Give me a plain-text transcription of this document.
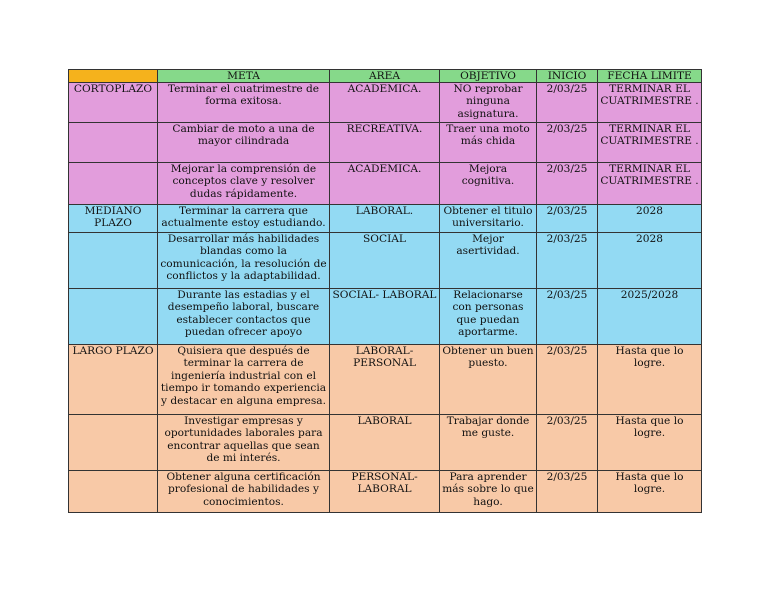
	META	AREA	OBJETIVO	INICIO	FECHA LIMITE
CORTOPLAZO	Terminar el cuatrimestre de forma exitosa.	ACADEMICA.	NO reprobar ninguna asignatura.	2/03/25	TERMINAR EL CUATRIMESTRE .
	Cambiar de moto a una de mayor cilindrada	RECREATIVA.	Traer una moto más chida	2/03/25	TERMINAR EL CUATRIMESTRE .
	Mejorar la comprensión de conceptos clave y resolver dudas rápidamente.	ACADEMICA.	Mejora cognitiva.	2/03/25	TERMINAR EL CUATRIMESTRE .
MEDIANO PLAZO	Terminar la carrera que actualmente estoy estudiando.	LABORAL.	Obtener el titulo universitario.	2/03/25	2028
	Desarrollar más habilidades blandas como la comunicación, la resolución de conflictos y la adaptabilidad.	SOCIAL	Mejor asertividad.	2/03/25	2028
	Durante las estadias y el desempeño laboral, buscare establecer contactos que puedan ofrecer apoyo	SOCIAL- LABORAL	Relacionarse con personas que puedan aportarme.	2/03/25	2025/2028
LARGO PLAZO	Quisiera que después de terminar la carrera de ingeniería industrial con el tiempo ir tomando experiencia y destacar en alguna empresa.	LABORAL- PERSONAL	Obtener un buen puesto.	2/03/25	Hasta que lo logre.
	Investigar empresas y oportunidades laborales para encontrar aquellas que sean de mi interés.	LABORAL	Trabajar donde me guste.	2/03/25	Hasta que lo logre.
	Obtener alguna certificación profesional de habilidades y conocimientos.	PERSONAL- LABORAL	Para aprender más sobre lo que hago.	2/03/25	Hasta que lo logre.
